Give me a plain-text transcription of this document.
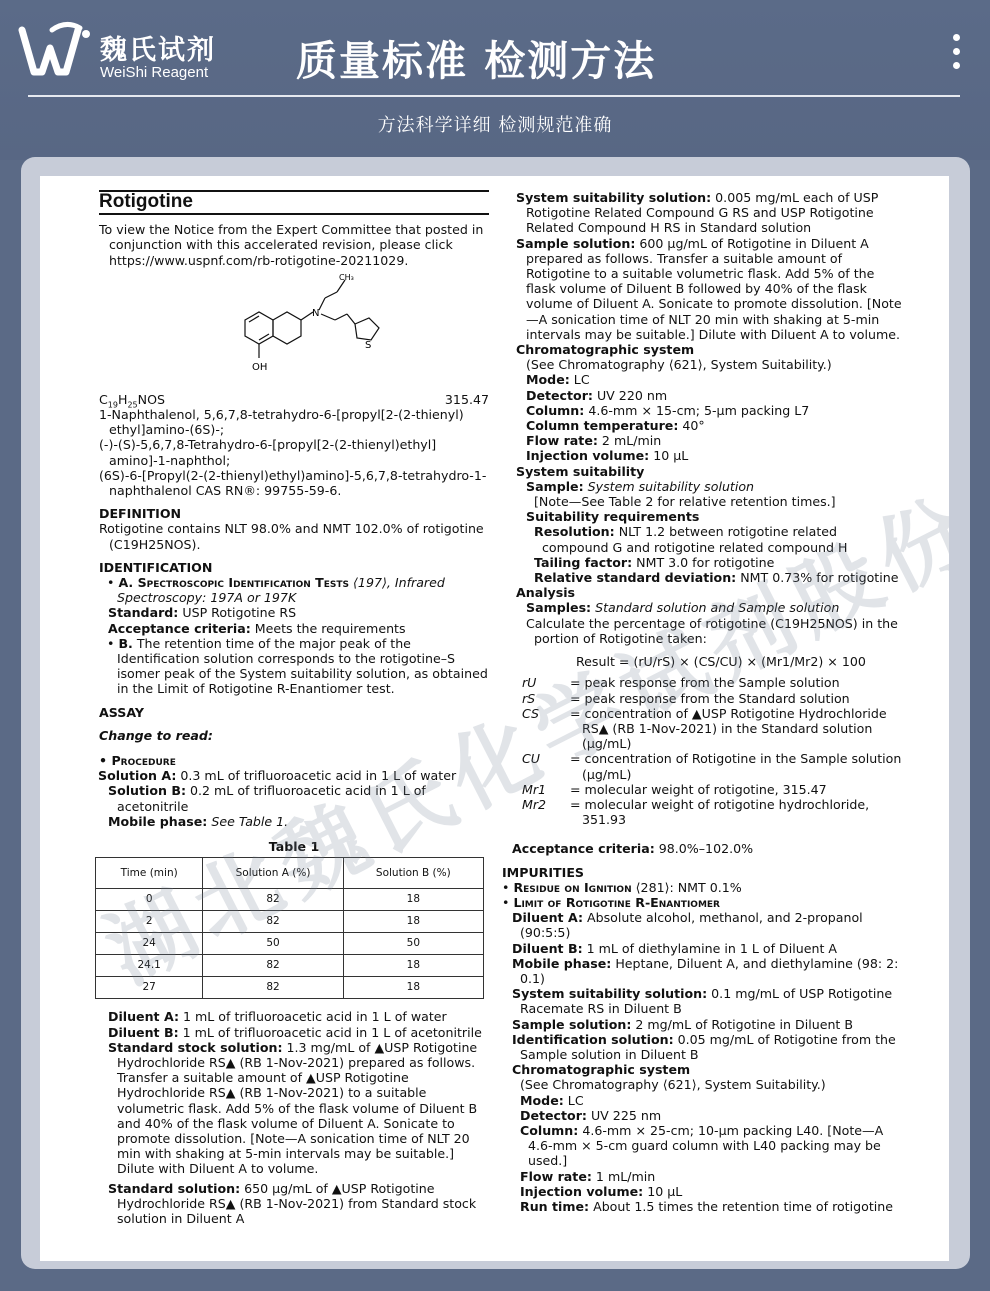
魏氏试剂
WeiShi Reagent 质量标准 检测方法
方法科学详细 检测规范准确
Rotigotine
To view the Notice from the Expert Committee that posted in conjunction with this accelerated revision, please click https://www.uspnf.com/rb-rotigotine-20211029.
OH
N
S
CH₃
$C_{19}H_{25}NOS$	315.47
1-Naphthalenol, 5,6,7,8-tetrahydro-6-[propyl[2-(2-thienyl) ethyl]amino-(6S)-;
(-)-(S)-5,6,7,8-Tetrahydro-6-[propyl[2-(2-thienyl)ethyl] amino]-1-naphthol;
(6S)-6-[Propyl(2-(2-thienyl)ethyl)amino]-5,6,7,8-tetrahydro-1-naphthalenol CAS RN®: 99755-59-6.
DEFINITION
Rotigotine contains NLT 98.0% and NMT 102.0% of rotigotine (C19H25NOS).
IDENTIFICATION
• A. Spectroscopic Identification Tests ⟨197⟩, Infrared Spectroscopy: 197A or 197K
Standard: USP Rotigotine RS
Acceptance criteria: Meets the requirements
• B. The retention time of the major peak of the Identification solution corresponds to the rotigotine–S isomer peak of the System suitability solution, as obtained in the Limit of Rotigotine R-Enantiomer test.
ASSAY
Change to read:
• Procedure
Solution A: 0.3 mL of trifluoroacetic acid in 1 L of water
Solution B: 0.2 mL of trifluoroacetic acid in 1 L of acetonitrile
Mobile phase: See Table 1.
Table 1
Time (min)	Solution A (%)	Solution B (%)
0	82	18
2	82	18
24	50	50
24.1	82	18
27	82	18
Diluent A: 1 mL of trifluoroacetic acid in 1 L of water
Diluent B: 1 mL of trifluoroacetic acid in 1 L of acetonitrile
Standard stock solution: 1.3 mg/mL of ▲USP Rotigotine Hydrochloride RS▲ (RB 1-Nov-2021) prepared as follows. Transfer a suitable amount of ▲USP Rotigotine Hydrochloride RS▲ (RB 1-Nov-2021) to a suitable volumetric flask. Add 5% of the flask volume of Diluent B and 40% of the flask volume of Diluent A. Sonicate to promote dissolution. [Note—A sonication time of NLT 20 min with shaking at 5-min intervals may be suitable.] Dilute with Diluent A to volume.
Standard solution: 650 µg/mL of ▲USP Rotigotine Hydrochloride RS▲ (RB 1-Nov-2021) from Standard stock solution in Diluent A
System suitability solution: 0.005 mg/mL each of USP Rotigotine Related Compound G RS and USP Rotigotine Related Compound H RS in Standard solution
Sample solution: 600 µg/mL of Rotigotine in Diluent A prepared as follows. Transfer a suitable amount of Rotigotine to a suitable volumetric flask. Add 5% of the flask volume of Diluent B followed by 40% of the flask volume of Diluent A. Sonicate to promote dissolution. [Note—A sonication time of NLT 20 min with shaking at 5-min intervals may be suitable.] Dilute with Diluent A to volume.
Chromatographic system
(See Chromatography ⟨621⟩, System Suitability.)
Mode: LC
Detector: UV 220 nm
Column: 4.6-mm × 15-cm; 5-µm packing L7
Column temperature: 40°
Flow rate: 2 mL/min
Injection volume: 10 µL
System suitability
Sample: System suitability solution
[Note—See Table 2 for relative retention times.]
Suitability requirements
Resolution: NLT 1.2 between rotigotine related compound G and rotigotine related compound H
Tailing factor: NMT 3.0 for rotigotine
Relative standard deviation: NMT 0.73% for rotigotine
Analysis
Samples: Standard solution and Sample solution
Calculate the percentage of rotigotine (C19H25NOS) in the portion of Rotigotine taken:
Result = (rU/rS) × (CS/CU) × (Mr1/Mr2) × 100
rU	= peak response from the Sample solution
rS	= peak response from the Standard solution
CS	= concentration of ▲USP Rotigotine Hydrochloride RS▲ (RB 1-Nov-2021) in the Standard solution (µg/mL)
CU	= concentration of Rotigotine in the Sample solution (µg/mL)
Mr1	= molecular weight of rotigotine, 315.47
Mr2	= molecular weight of rotigotine hydrochloride, 351.93
Acceptance criteria: 98.0%–102.0%
IMPURITIES
• Residue on Ignition ⟨281⟩: NMT 0.1%
• Limit of Rotigotine R-Enantiomer
Diluent A: Absolute alcohol, methanol, and 2-propanol (90:5:5)
Diluent B: 1 mL of diethylamine in 1 L of Diluent A
Mobile phase: Heptane, Diluent A, and diethylamine (98: 2: 0.1)
System suitability solution: 0.1 mg/mL of USP Rotigotine Racemate RS in Diluent B
Sample solution: 2 mg/mL of Rotigotine in Diluent B
Identification solution: 0.05 mg/mL of Rotigotine from the Sample solution in Diluent B
Chromatographic system
(See Chromatography ⟨621⟩, System Suitability.)
Mode: LC
Detector: UV 225 nm
Column: 4.6-mm × 25-cm; 10-µm packing L40. [Note—A 4.6-mm × 5-cm guard column with L40 packing may be used.]
Flow rate: 1 mL/min
Injection volume: 10 µL
Run time: About 1.5 times the retention time of rotigotine
